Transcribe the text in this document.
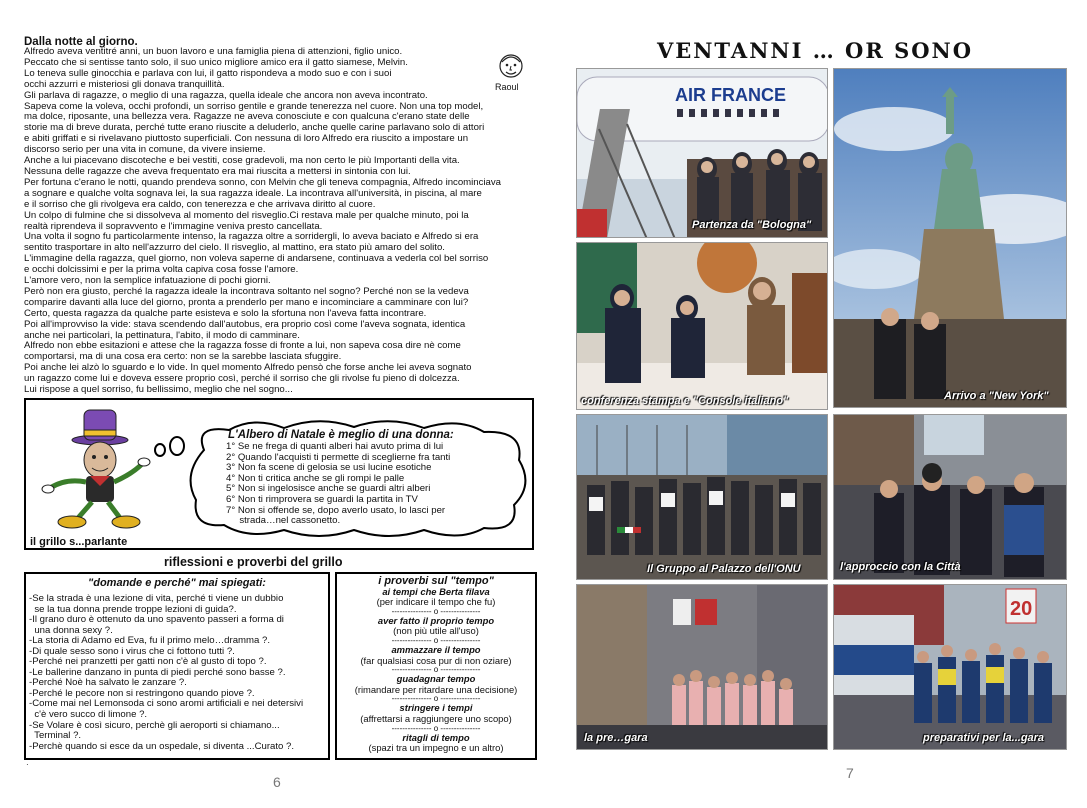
Dalla notte al giorno.

Alfredo aveva ventitré anni, un buon lavoro e una famiglia piena di attenzioni, figlio unico.

Peccato che si sentisse tanto solo, il suo unico migliore amico era il gatto siamese, Melvin.

Lo teneva sulle ginocchia e parlava con lui, il gatto rispondeva a modo suo e con i suoi

occhi azzurri e misteriosi gli donava tranquillità.

Gli parlava di ragazze, o meglio di una ragazza, quella ideale che ancora non aveva incontrato.

Sapeva come la voleva, occhi profondi, un sorriso gentile e grande tenerezza nel cuore. Non una top model,

ma dolce, riposante, una bellezza vera. Ragazze ne aveva conosciute e con qualcuna c'erano state delle

storie ma di breve durata, perché tutte erano riuscite a deluderlo, anche quelle carine parlavano solo di attori

e abiti griffati e si rivelavano piuttosto superficiali. Con nessuna di loro Alfredo era riuscito a impostare un

discorso serio per una vita in comune, da vivere insieme.

Anche a lui piacevano discoteche e bei vestiti, cose gradevoli, ma non certo le più Importanti della vita.

Nessuna delle ragazze che aveva frequentato era mai riuscita a mettersi in sintonia con lui.

Per fortuna c'erano le notti, quando prendeva sonno, con Melvin che gli teneva compagnia, Alfredo incominciava

a sognare e qualche volta sognava lei, la sua ragazza ideale. La incontrava all'università, in piscina, al mare

e il sorriso che gli rivolgeva era caldo, con tenerezza e che arrivava diritto al cuore.

Un colpo di fulmine che si dissolveva al momento del risveglio.Ci restava male per qualche minuto, poi la

realtà riprendeva il sopravvento e l'immagine veniva presto cancellata.

Una volta il sogno fu particolarmente intenso, la ragazza oltre a sorridergli, lo aveva baciato e Alfredo si era

sentito trasportare in alto nell'azzurro del cielo. Il risveglio, al mattino, era stato più amaro del solito.

L'immagine della ragazza, quel giorno, non voleva saperne di andarsene, continuava a vederla col bel sorriso

e occhi dolcissimi e per la prima volta capiva cosa fosse l'amore.

L'amore vero, non la semplice infatuazione di pochi giorni.

Però non era giusto, perché la ragazza ideale la incontrava soltanto nel sogno? Perché non se la vedeva

comparire davanti alla luce del giorno, pronta a prenderlo per mano e incominciare a camminare con lui?

Certo, questa ragazza da qualche parte esisteva e solo la sfortuna non l'aveva fatta incontrare.

Poi all'improvviso la vide: stava scendendo dall'autobus, era proprio così come l'aveva sognata, identica

anche nei particolari, la pettinatura, l'abito, il modo di camminare.

Alfredo non ebbe esitazioni e attese che la ragazza fosse di fronte a lui, non sapeva cosa dire nè come

comportarsi, ma di una cosa era certo: non se la sarebbe lasciata sfuggire.

Poi anche lei alzò lo sguardo e lo vide. In quel momento Alfredo pensò che forse anche lei aveva sognato

un ragazzo come lui e doveva essere proprio così, perché il sorriso che gli rivolse fu pieno di dolcezza.

Lui rispose a quel sorriso, fu bellissimo, meglio che nel sogno...

Raoul
L'Albero di Natale è meglio di una donna:
1° Se ne frega di quanti alberi hai avuto prima di lui
2° Quando l'acquisti ti permette di sceglierne fra tanti
3° Non fa scene di gelosia se usi lucine esotiche
4° Non ti critica anche se gli rompi le palle
5° Non si ingelosisce anche se guardi altri alberi
6° Non ti rimprovera se guardi la partita in TV
7° Non si offende se, dopo averlo usato, lo lasci per
strada…nel cassonetto.
il grillo s...parlante
riflessioni e proverbi del grillo
"domande e perché" mai spiegati:
-Se la strada è una lezione di vita, perché ti viene un dubbio
se la tua donna prende troppe lezioni di guida?.
-Il grano duro è ottenuto da uno spavento passeri a forma di
una donna sexy ?.
-La storia di Adamo ed Eva, fu il primo melo…dramma ?.
-Di quale sesso sono i virus che ci fottono tutti ?.
-Perché nei pranzetti per gatti non c'è al gusto di topo ?.
-Le ballerine danzano in punta di piedi perché sono basse ?.
-Perché Noè ha salvato le zanzare ?.
-Perché le pecore non si restringono quando piove ?.
-Come mai nel Lemonsoda ci sono aromi artificiali e nei detersivi
c'è vero succo di limone ?.
-Se Volare è così sicuro, perchè gli aeroporti si chiamano...
Terminal ?.
-Perchè quando si esce da un ospedale, si diventa ...Curato ?.
i proverbi sul "tempo"
ai tempi che Berta filava
(per indicare il tempo che fu)
--------------- o ---------------
aver fatto il proprio tempo
(non più utile all'uso)
--------------- o ---------------
ammazzare il tempo
(far qualsiasi cosa pur di non oziare)
--------------- o ---------------
guadagnar tempo
(rimandare per ritardare una decisione)
--------------- o ---------------
stringere i tempi
(affrettarsi a raggiungere uno scopo)
--------------- o ---------------
ritagli di tempo
(spazi tra un impegno e un altro)
·
6
VENTANNI … OR SONO
AIR FRANCE
Partenza da "Bologna"
Arrivo a "New York"
conferenza stampa e "Console italiano"
Il Gruppo al Palazzo dell'ONU	l'approccio con la Città
la pre…gara
20
preparativi per la...gara
7
